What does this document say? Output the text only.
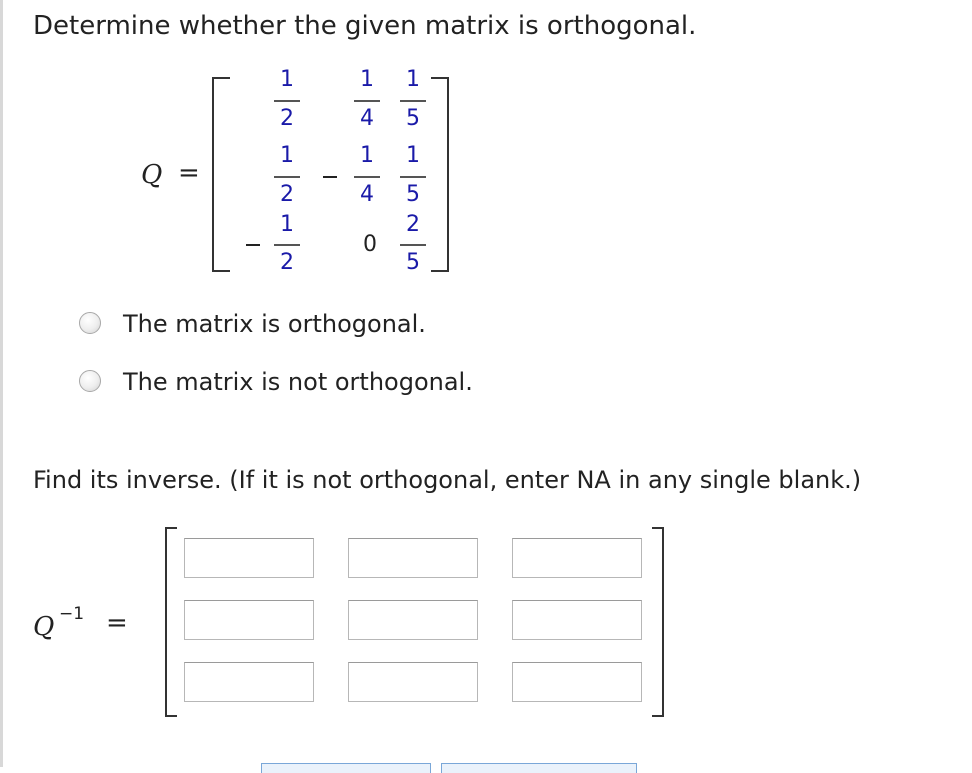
Determine whether the given matrix is orthogonal.
Q =
1
2
1
4
1
5
1
2
1
4
1
5
1
2
0
2
5
The matrix is orthogonal.
The matrix is not orthogonal.
Find its inverse. (If it is not orthogonal, enter NA in any single blank.)
Q −1 =
